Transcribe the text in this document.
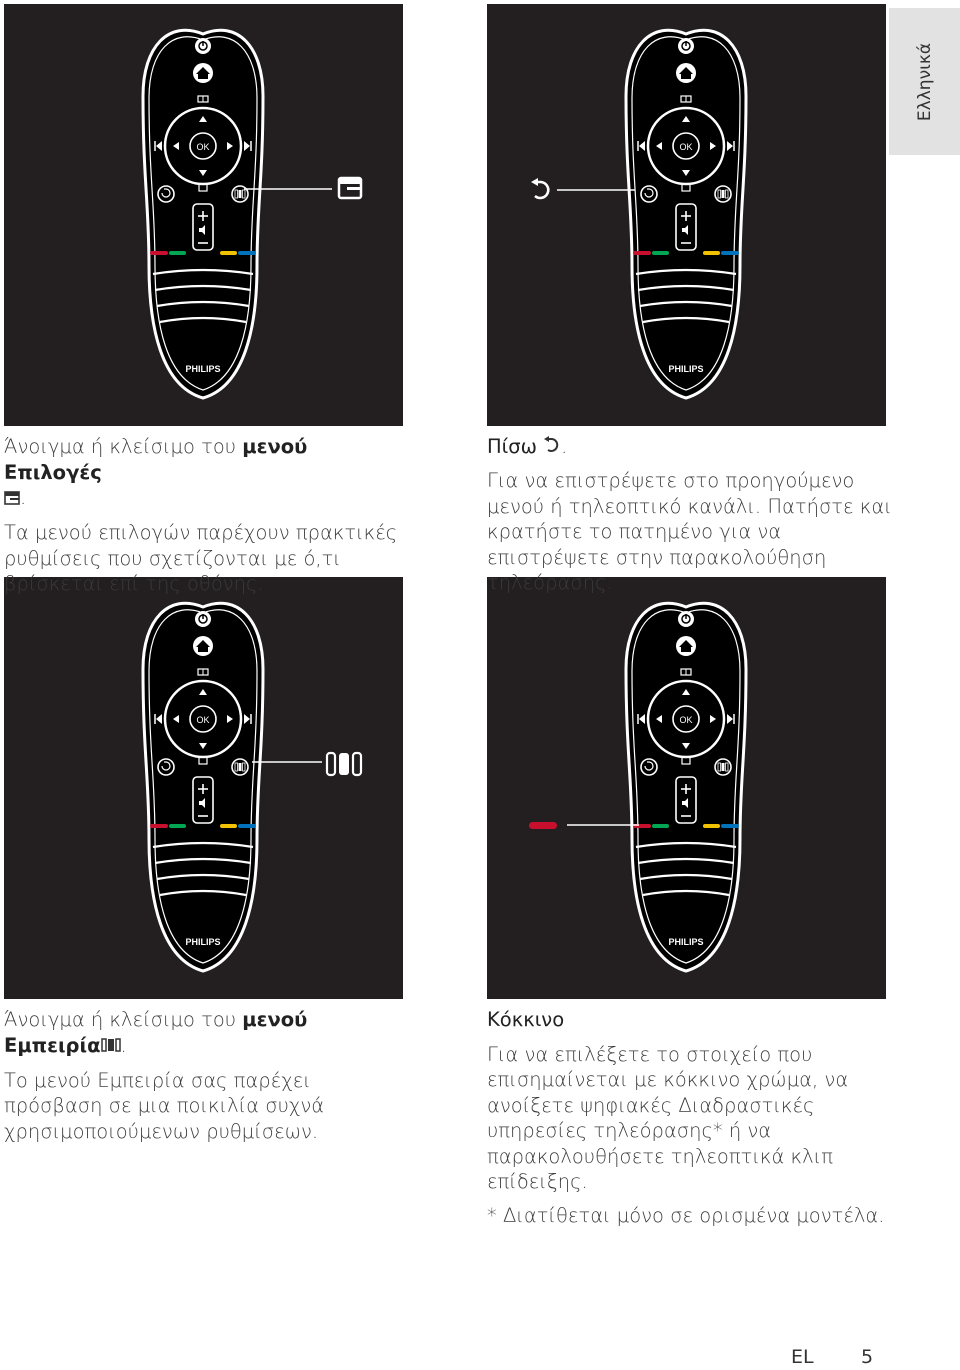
Ελληνικά
OK
PHILIPS
OK
PHILIPS
OK
PHILIPS
OK
PHILIPS

Άνοιγμα ή κλείσιμο του μενού Επιλογές
.

Τα μενού επιλογών παρέχουν πρακτικές ρυθμίσεις που σχετίζονται με ό,τι βρίσκεται επί της οθόνης.

Πίσω .

Για να επιστρέψετε στο προηγούμενο μενού ή τηλεοπτικό κανάλι. Πατήστε και κρατήστε το πατημένο για να επιστρέψετε στην παρακολούθηση τηλεόρασης.

Άνοιγμα ή κλείσιμο του μενού Εμπειρία .

Το μενού Εμπειρία σας παρέχει πρόσβαση σε μια ποικιλία συχνά χρησιμοποιούμενων ρυθμίσεων.

Κόκκινο

Για να επιλέξετε το στοιχείο που επισημαίνεται με κόκκινο χρώμα, να ανοίξετε ψηφιακές Διαδραστικές υπηρεσίες τηλεόρασης* ή να παρακολουθήσετε τηλεοπτικά κλιπ επίδειξης.

* Διατίθεται μόνο σε ορισμένα μοντέλα.

EL 5
